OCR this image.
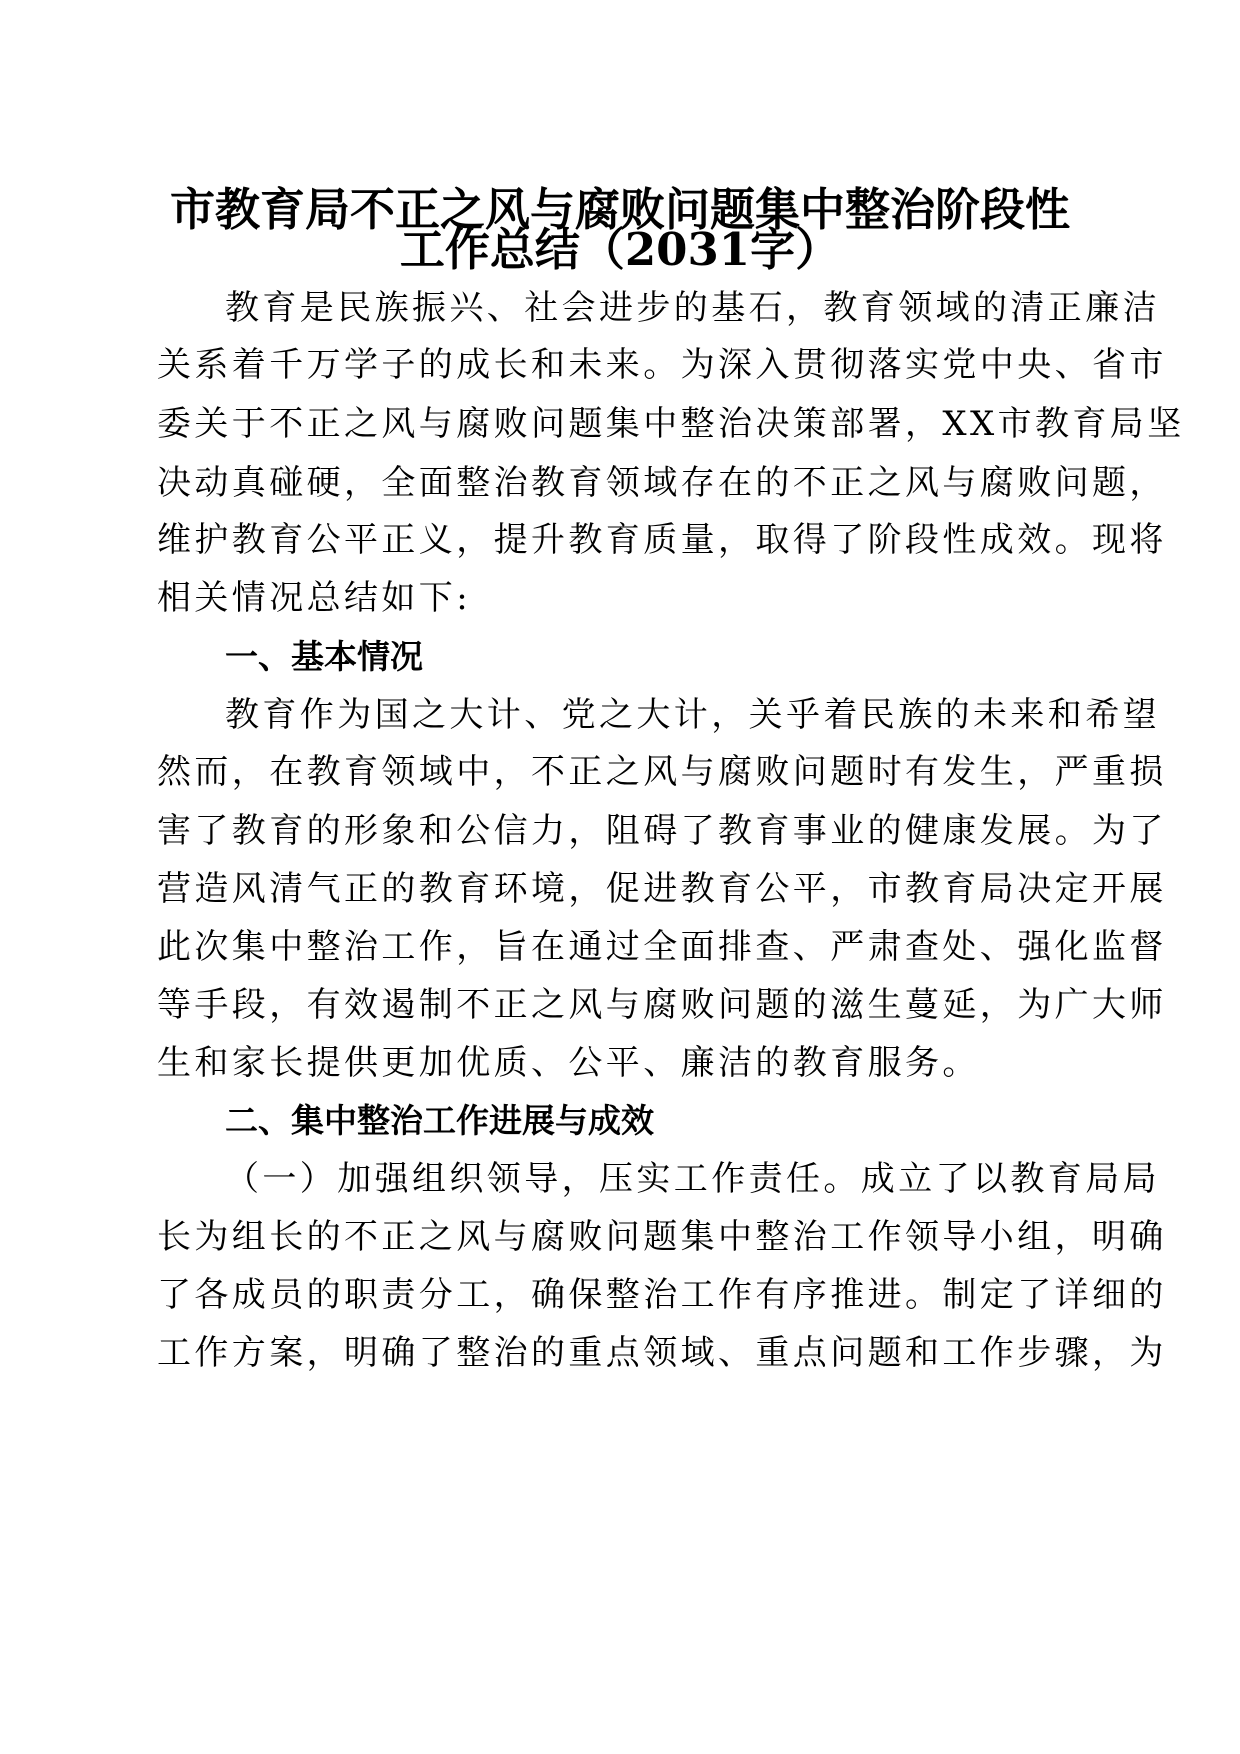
市教育局不正之风与腐败问题集中整治阶段性
工作总结（2031字）
教育是民族振兴、社会进步的基石，教育领域的清正廉洁
关系着千万学子的成长和未来。为深入贯彻落实党中央、省市
委关于不正之风与腐败问题集中整治决策部署，XX市教育局坚
决动真碰硬，全面整治教育领域存在的不正之风与腐败问题，
维护教育公平正义，提升教育质量，取得了阶段性成效。现将
相关情况总结如下:
一、基本情况
教育作为国之大计、党之大计，关乎着民族的未来和希望
然而，在教育领域中，不正之风与腐败问题时有发生，严重损
害了教育的形象和公信力，阻碍了教育事业的健康发展。为了
营造风清气正的教育环境，促进教育公平，市教育局决定开展
此次集中整治工作，旨在通过全面排查、严肃查处、强化监督
等手段，有效遏制不正之风与腐败问题的滋生蔓延，为广大师
生和家长提供更加优质、公平、廉洁的教育服务。
二、集中整治工作进展与成效
（一）加强组织领导，压实工作责任。成立了以教育局局
长为组长的不正之风与腐败问题集中整治工作领导小组，明确
了各成员的职责分工，确保整治工作有序推进。制定了详细的
工作方案，明确了整治的重点领域、重点问题和工作步骤，为
